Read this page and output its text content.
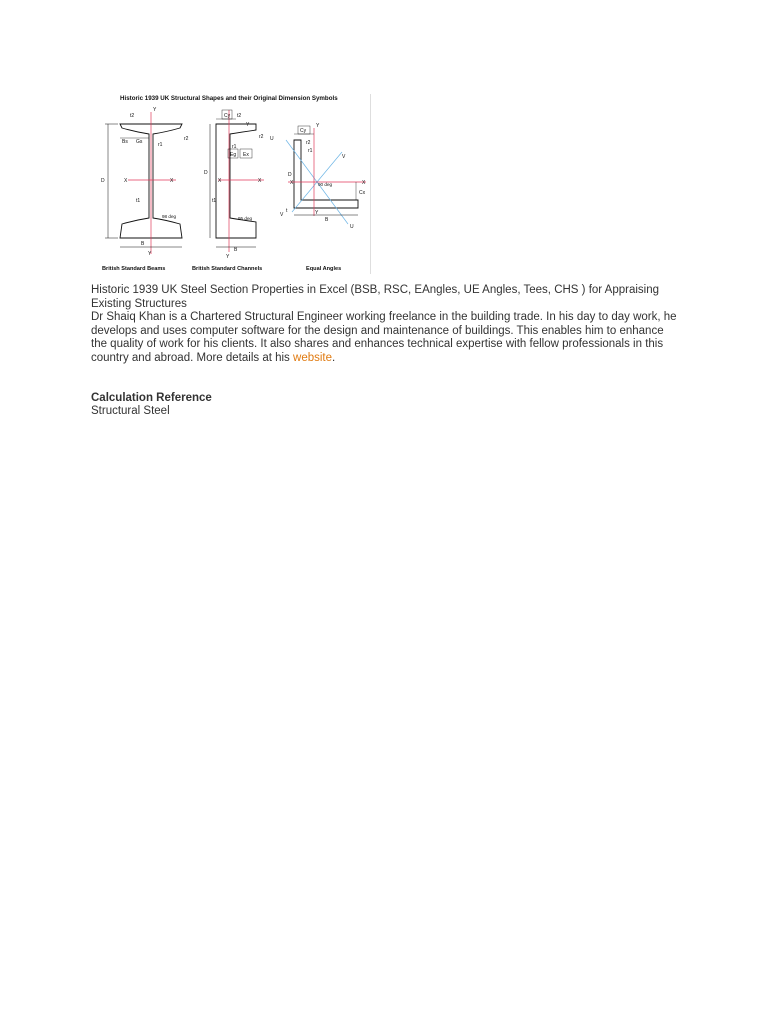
Historic 1939 UK Structural Shapes and their Original Dimension Symbols
t2
Bs Gs	r1
r2
D	X	X
t1
98 deg
B
Y
Y
Cy t2
Y
r2
r1
Eg Ex
D
X	X
t1
95 deg
B
Y
Cy
Y
r2
r1
V
U
U
D
X	X
90 deg
Cx
t	Y
B
V
British Standard Beams	British Standard Channels	Equal Angles

Historic 1939 UK Steel Section Properties in Excel (BSB, RSC, EAngles, UE Angles, Tees, CHS ) for Appraising

Existing Structures

Dr Shaiq Khan is a Chartered Structural Engineer working freelance in the building trade. In his day to day work, he develops and uses computer software for the design and maintenance of buildings. This enables him to enhance the quality of work for his clients. It also shares and enhances technical expertise with fellow professionals in this country and abroad. More details at his website.

Calculation Reference

Structural Steel
